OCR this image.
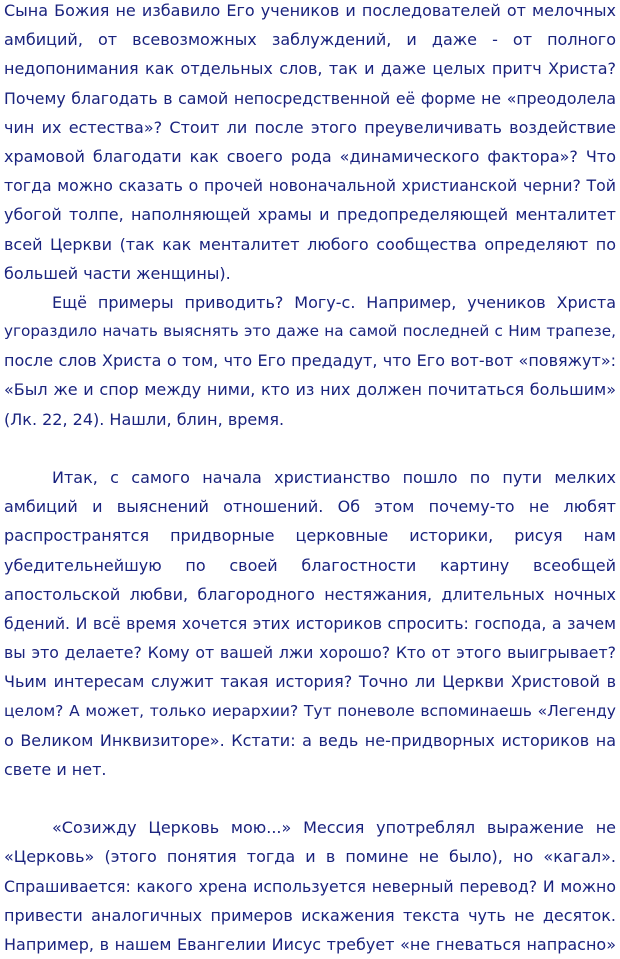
Сына Божия не избавило Его учеников и последователей от мелочных
амбиций, от всевозможных заблуждений, и даже - от полного
недопонимания как отдельных слов, так и даже целых притч Христа?
Почему благодать в самой непосредственной её форме не «преодолела
чин их естества»? Стоит ли после этого преувеличивать воздействие
храмовой благодати как своего рода «динамического фактора»? Что
тогда можно сказать о прочей новоначальной христианской черни? Той
убогой толпе, наполняющей храмы и предопределяющей менталитет
всей Церкви (так как менталитет любого сообщества определяют по
большей части женщины).
Ещё примеры приводить? Могу-с. Например, учеников Христа
угораздило начать выяснять это даже на самой последней с Ним трапезе,
после слов Христа о том, что Его предадут, что Его вот-вот «повяжут»:
«Был же и спор между ними, кто из них должен почитаться большим»
(Лк. 22, 24). Нашли, блин, время.
Итак, с самого начала христианство пошло по пути мелких
амбиций и выяснений отношений. Об этом почему-то не любят
распространятся придворные церковные историки, рисуя нам
убедительнейшую по своей благостности картину всеобщей
апостольской любви, благородного нестяжания, длительных ночных
бдений. И всё время хочется этих историков спросить: господа, а зачем
вы это делаете? Кому от вашей лжи хорошо? Кто от этого выигрывает?
Чьим интересам служит такая история? Точно ли Церкви Христовой в
целом? А может, только иерархии? Тут поневоле вспоминаешь «Легенду
о Великом Инквизиторе». Кстати: а ведь не-придворных историков на
свете и нет.
«Созижду Церковь мою...» Мессия употреблял выражение не
«Церковь» (этого понятия тогда и в помине не было), но «кагал».
Спрашивается: какого хрена используется неверный перевод? И можно
привести аналогичных примеров искажения текста чуть не десяток.
Например, в нашем Евангелии Иисус требует «не гневаться напрасно»
